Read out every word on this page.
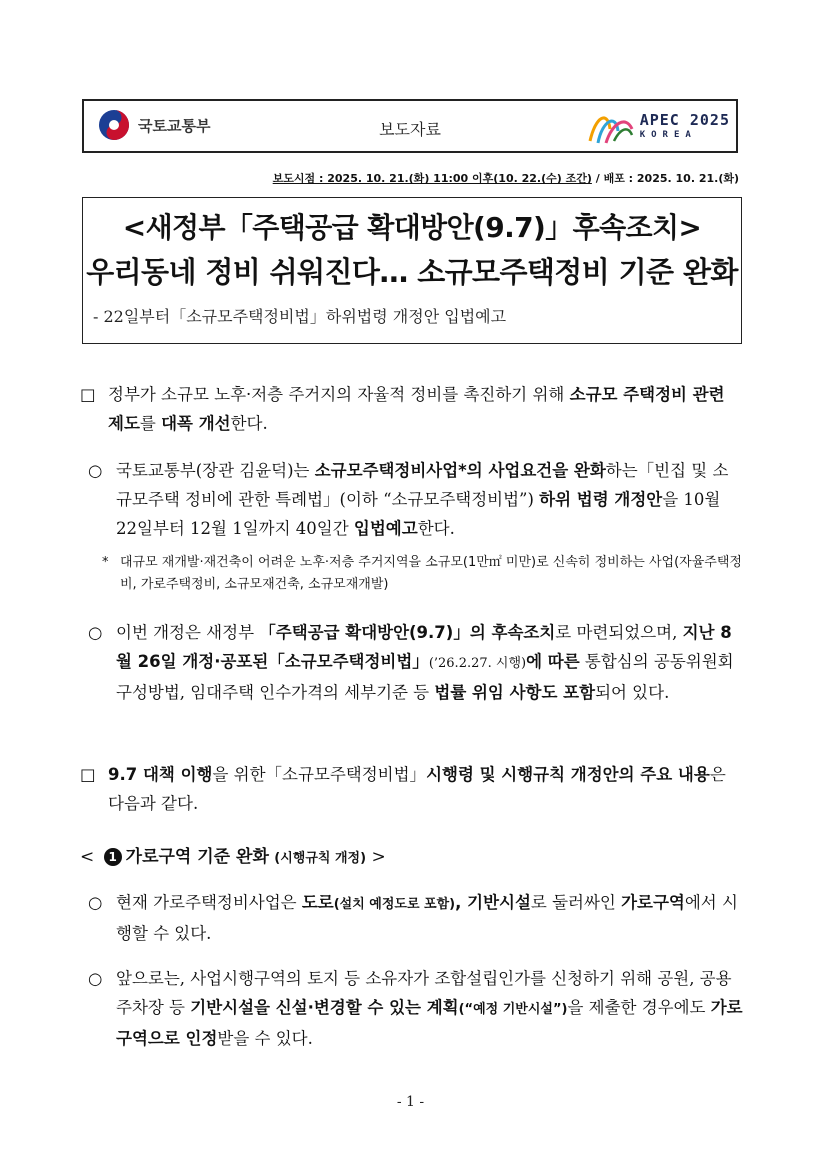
국토교통부	보도자료
APEC 2025
KOREA
보도시점 : 2025. 10. 21.(화) 11:00 이후(10. 22.(수) 조간) / 배포 : 2025. 10. 21.(화)
<새정부「주택공급 확대방안(9.7)」후속조치>
우리동네 정비 쉬워진다… 소규모주택정비 기준 완화
- 22일부터「소규모주택정비법」하위법령 개정안 입법예고
□ 정부가 소규모 노후·저층 주거지의 자율적 정비를 촉진하기 위해 소규모 주택정비 관련 제도를 대폭 개선한다.
○ 국토교통부(장관 김윤덕)는 소규모주택정비사업*의 사업요건을 완화하는「빈집 및 소규모주택 정비에 관한 특례법」(이하 “소규모주택정비법”) 하위 법령 개정안을 10월 22일부터 12월 1일까지 40일간 입법예고한다.
* 대규모 재개발·재건축이 어려운 노후·저층 주거지역을 소규모(1만㎡ 미만)로 신속히 정비하는 사업(자율주택정비, 가로주택정비, 소규모재건축, 소규모재개발)
○ 이번 개정은 새정부 「주택공급 확대방안(9.7)」의 후속조치로 마련되었으며, 지난 8월 26일 개정·공포된「소규모주택정비법」(’26.2.27. 시행)에 따른 통합심의 공동위원회 구성방법, 임대주택 인수가격의 세부기준 등 법률 위임 사항도 포함되어 있다.
□ 9.7 대책 이행을 위한「소규모주택정비법」시행령 및 시행규칙 개정안의 주요 내용은 다음과 같다.
< 1 가로구역 기준 완화 (시행규칙 개정) >
○ 현재 가로주택정비사업은 도로(설치 예정도로 포함), 기반시설로 둘러싸인 가로구역에서 시행할 수 있다.
○ 앞으로는, 사업시행구역의 토지 등 소유자가 조합설립인가를 신청하기 위해 공원, 공용주차장 등 기반시설을 신설·변경할 수 있는 계획(“예정 기반시설”)을 제출한 경우에도 가로구역으로 인정받을 수 있다.
- 1 -
